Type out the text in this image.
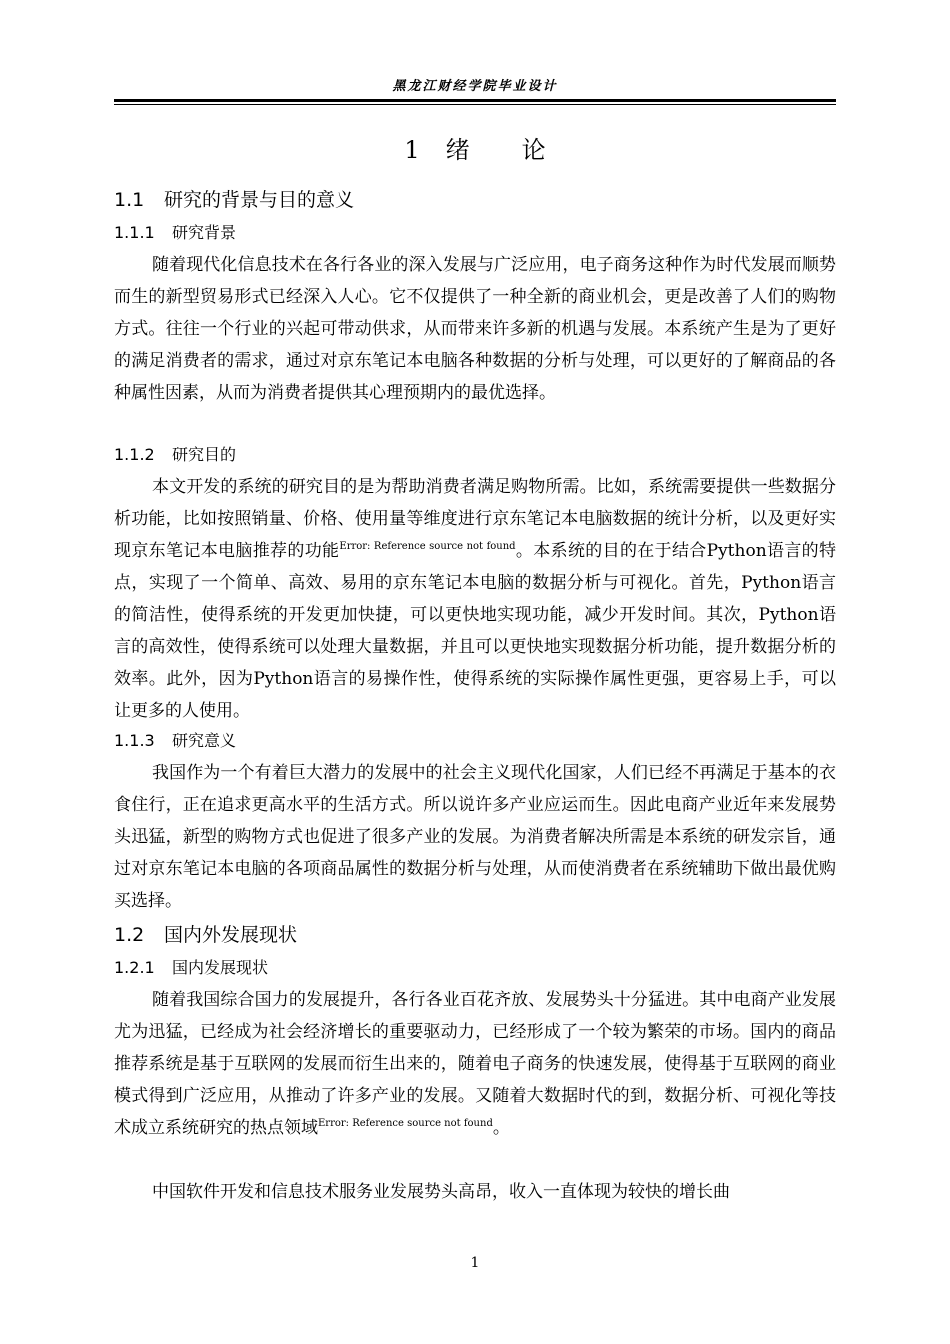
黑龙江财经学院毕业设计
1 绪 论
1.1 研究的背景与目的意义
1.1.1 研究背景
随着现代化信息技术在各行各业的深入发展与广泛应用，电子商务这种作为时代发展而顺势而生的新型贸易形式已经深入人心。它不仅提供了一种全新的商业机会，更是改善了人们的购物方式。往往一个行业的兴起可带动供求，从而带来许多新的机遇与发展。本系统产生是为了更好的满足消费者的需求，通过对京东笔记本电脑各种数据的分析与处理，可以更好的了解商品的各种属性因素，从而为消费者提供其心理预期内的最优选择。
1.1.2 研究目的
本文开发的系统的研究目的是为帮助消费者满足购物所需。比如，系统需要提供一些数据分析功能，比如按照销量、价格、使用量等维度进行京东笔记本电脑数据的统计分析，以及更好实现京东笔记本电脑推荐的功能$^{Error: Reference source not found}$。本系统的目的在于结合Python语言的特点，实现了一个简单、高效、易用的京东笔记本电脑的数据分析与可视化。首先，Python语言的简洁性，使得系统的开发更加快捷，可以更快地实现功能，减少开发时间。其次，Python语言的高效性，使得系统可以处理大量数据，并且可以更快地实现数据分析功能，提升数据分析的效率。此外，因为Python语言的易操作性，使得系统的实际操作属性更强，更容易上手，可以让更多的人使用。
1.1.3 研究意义
我国作为一个有着巨大潜力的发展中的社会主义现代化国家，人们已经不再满足于基本的衣食住行，正在追求更高水平的生活方式。所以说许多产业应运而生。因此电商产业近年来发展势头迅猛，新型的购物方式也促进了很多产业的发展。为消费者解决所需是本系统的研发宗旨，通过对京东笔记本电脑的各项商品属性的数据分析与处理，从而使消费者在系统辅助下做出最优购买选择。
1.2 国内外发展现状
1.2.1 国内发展现状
随着我国综合国力的发展提升，各行各业百花齐放、发展势头十分猛进。其中电商产业发展尤为迅猛，已经成为社会经济增长的重要驱动力，已经形成了一个较为繁荣的市场。国内的商品推荐系统是基于互联网的发展而衍生出来的，随着电子商务的快速发展，使得基于互联网的商业模式得到广泛应用，从推动了许多产业的发展。又随着大数据时代的到，数据分析、可视化等技术成立系统研究的热点领域$^{Error: Reference source not found}$。
中国软件开发和信息技术服务业发展势头高昂，收入一直体现为较快的增长曲
1
